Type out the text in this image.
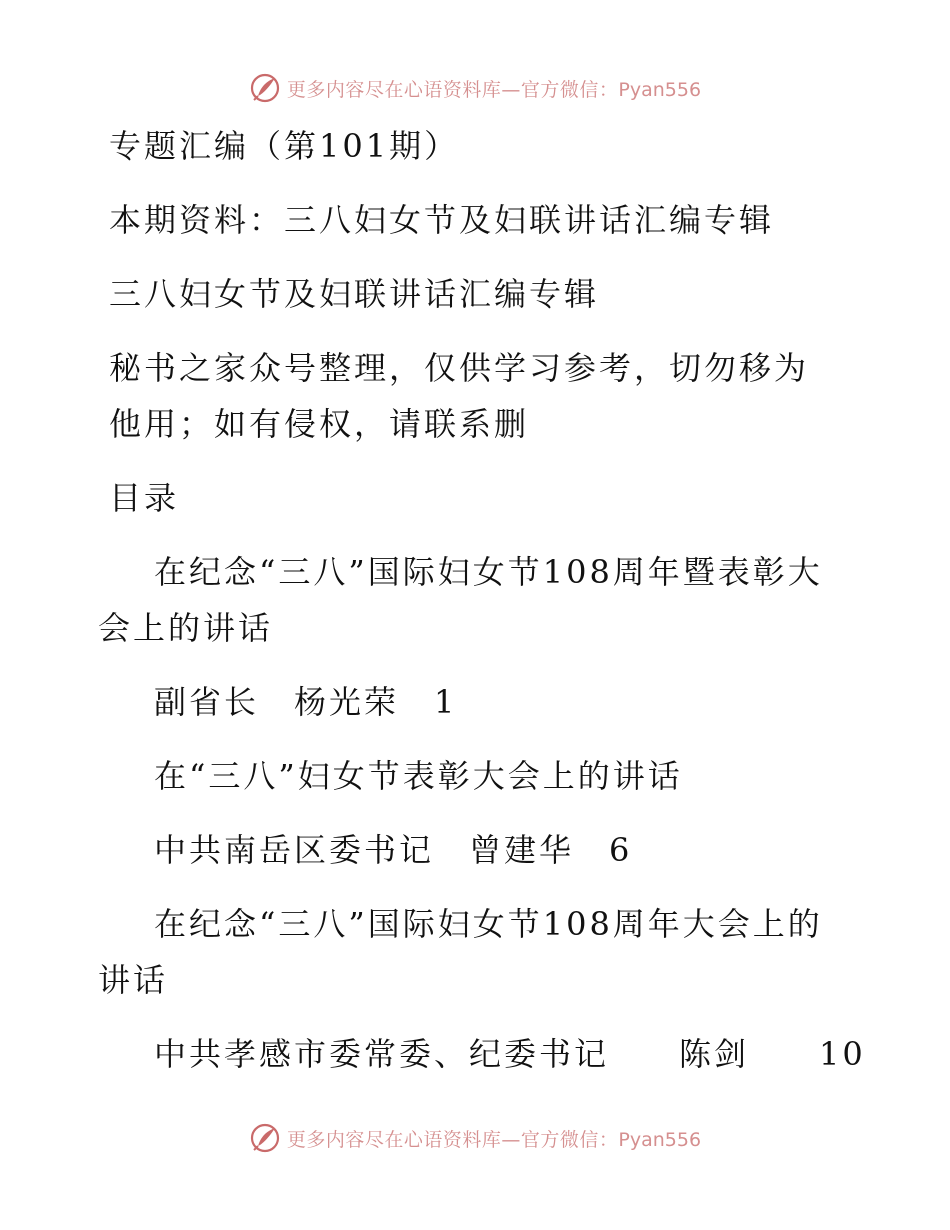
更多内容尽在心语资料库—官方微信：Pyan556

专题汇编（第101期）

本期资料：三八妇女节及妇联讲话汇编专辑

三八妇女节及妇联讲话汇编专辑

秘书之家众号整理，仅供学习参考，切勿移为他用；如有侵权，请联系删

目录

在纪念“三八”国际妇女节108周年暨表彰大会上的讲话

副省长　杨光荣　1

在“三八”妇女节表彰大会上的讲话

中共南岳区委书记　曾建华　6

在纪念“三八”国际妇女节108周年大会上的讲话

中共孝感市委常委、纪委书记　　陈剑　　10

更多内容尽在心语资料库—官方微信：Pyan556
